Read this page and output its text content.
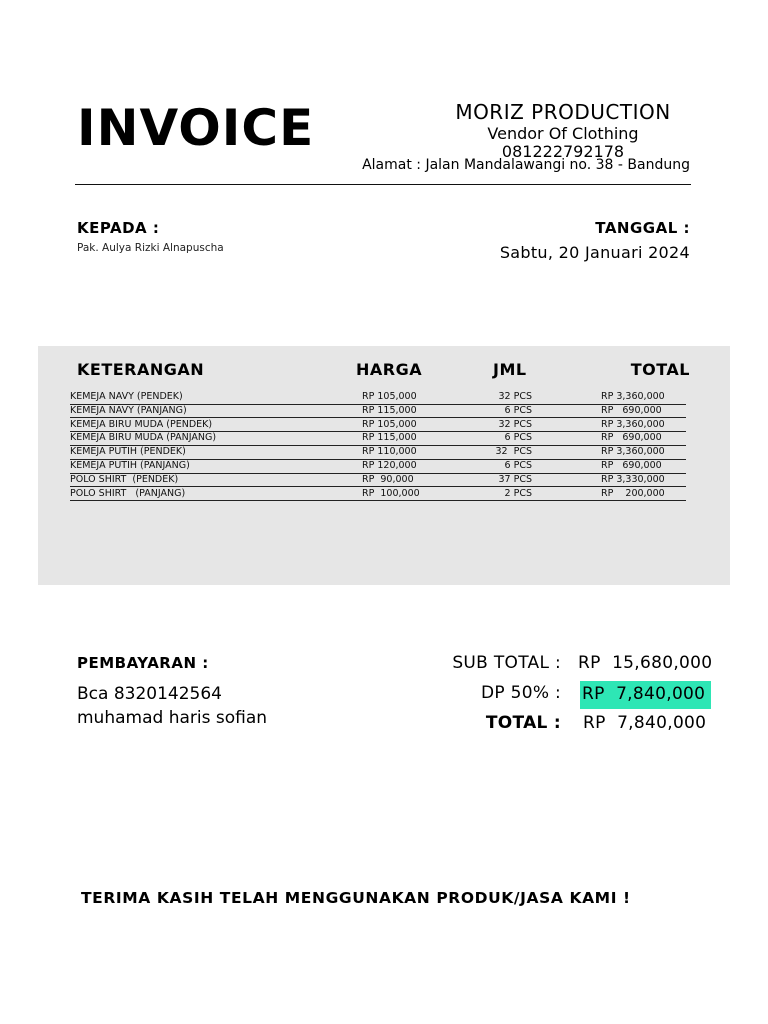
INVOICE	MORIZ PRODUCTION
Vendor Of Clothing
081222792178
Alamat : Jalan Mandalawangi no. 38 - Bandung
KEPADA :
Pak. Aulya Rizki Alnapuscha
TANGGAL :
Sabtu, 20 Januari 2024
KETERANGAN	HARGA	JML	TOTAL
KEMEJA NAVY (PENDEK)	RP 105,000	32 PCS	RP 3,360,000
KEMEJA NAVY (PANJANG)	RP 115,000	6 PCS	RP   690,000
KEMEJA BIRU MUDA (PENDEK)	RP 105,000	32 PCS	RP 3,360,000
KEMEJA BIRU MUDA (PANJANG)	RP 115,000	6 PCS	RP   690,000
KEMEJA PUTIH (PENDEK)	RP 110,000	32  PCS	RP 3,360,000
KEMEJA PUTIH (PANJANG)	RP 120,000	6 PCS	RP   690,000
POLO SHIRT  (PENDEK)	RP  90,000	37 PCS	RP 3,330,000
POLO SHIRT   (PANJANG)	RP  100,000	2 PCS	RP    200,000
PEMBAYARAN :
Bca 8320142564
muhamad haris sofian
SUB TOTAL : RP  15,680,000
DP 50% : RP  7,840,000
TOTAL : RP  7,840,000
TERIMA KASIH TELAH MENGGUNAKAN PRODUK/JASA KAMI !
